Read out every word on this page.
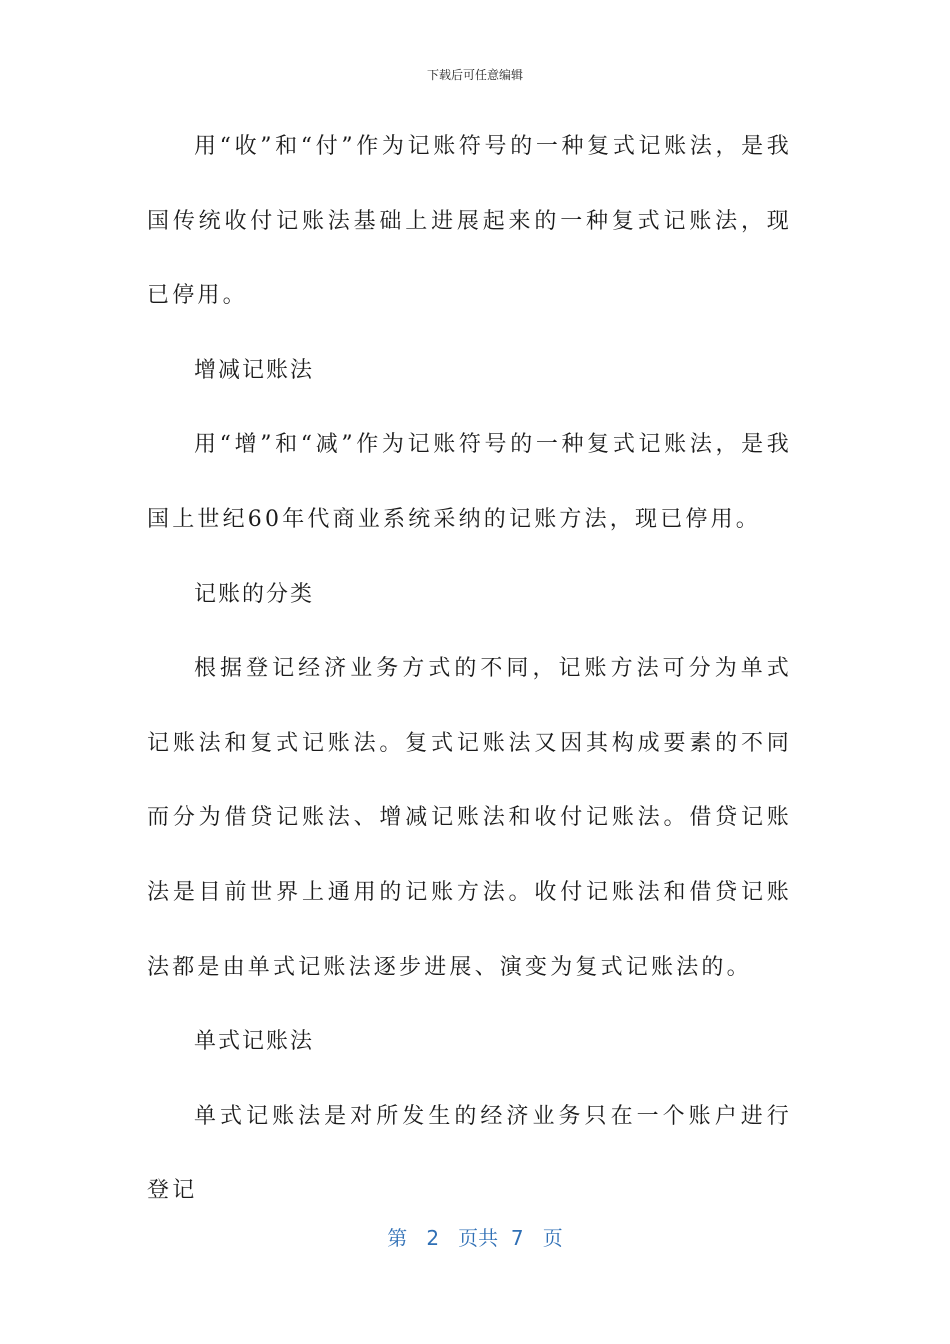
下载后可任意编辑

用“收”和“付”作为记账符号的一种复式记账法，是我国传统收付记账法基础上进展起来的一种复式记账法，现已停用。

增减记账法

用“增”和“减”作为记账符号的一种复式记账法，是我国上世纪60年代商业系统采纳的记账方法，现已停用。

记账的分类

根据登记经济业务方式的不同，记账方法可分为单式记账法和复式记账法。复式记账法又因其构成要素的不同而分为借贷记账法、增减记账法和收付记账法。借贷记账法是目前世界上通用的记账方法。收付记账法和借贷记账法都是由单式记账法逐步进展、演变为复式记账法的。

单式记账法

单式记账法是对所发生的经济业务只在一个账户进行登记

第 2 页共 7 页
